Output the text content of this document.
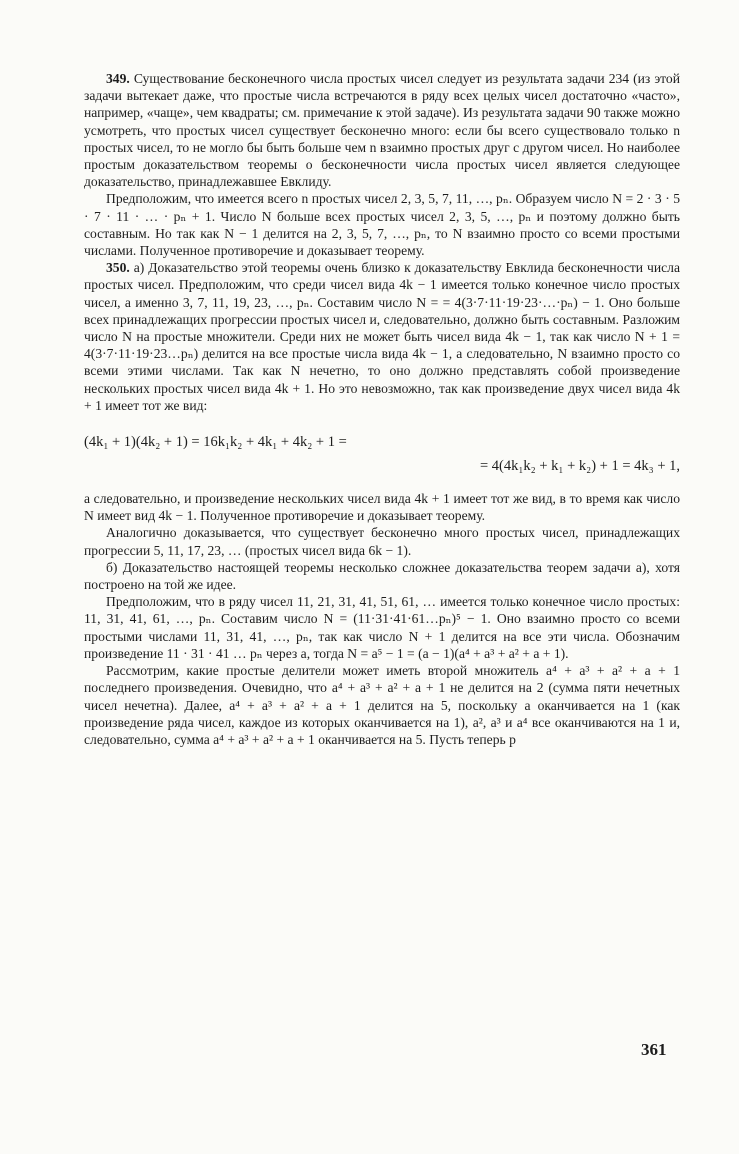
349. Существование бесконечного числа простых чисел следует из результата задачи 234 (из этой задачи вытекает даже, что простые числа встречаются в ряду всех целых чисел достаточно «часто», например, «чаще», чем квадраты; см. примечание к этой задаче). Из результата задачи 90 также можно усмотреть, что простых чисел существует бесконечно много: если бы всего существовало только n простых чисел, то не могло бы быть больше чем n взаимно простых друг с другом чисел. Но наиболее простым доказательством теоремы о бесконечности числа простых чисел является следующее доказательство, принадлежавшее Евклиду.

Предположим, что имеется всего n простых чисел 2, 3, 5, 7, 11, …, pₙ. Образуем число N = 2 · 3 · 5 · 7 · 11 · … · pₙ + 1. Число N больше всех простых чисел 2, 3, 5, …, pₙ и поэтому должно быть составным. Но так как N − 1 делится на 2, 3, 5, 7, …, pₙ, то N взаимно просто со всеми простыми числами. Полученное противоречие и доказывает теорему.

350. а) Доказательство этой теоремы очень близко к доказательству Евклида бесконечности числа простых чисел. Предположим, что среди чисел вида 4k − 1 имеется только конечное число простых чисел, а именно 3, 7, 11, 19, 23, …, pₙ. Составим число N = = 4(3·7·11·19·23·…·pₙ) − 1. Оно больше всех принадлежащих прогрессии простых чисел и, следовательно, должно быть составным. Разложим число N на простые множители. Среди них не может быть чисел вида 4k − 1, так как число N + 1 = 4(3·7·11·19·23…pₙ) делится на все простые числа вида 4k − 1, а следовательно, N взаимно просто со всеми этими числами. Так как N нечетно, то оно должно представлять собой произведение нескольких простых чисел вида 4k + 1. Но это невозможно, так как произведение двух чисел вида 4k + 1 имеет тот же вид:

(4k₁ + 1)(4k₂ + 1) = 16k₁k₂ + 4k₁ + 4k₂ + 1 =

= 4(4k₁k₂ + k₁ + k₂) + 1 = 4k₃ + 1,

а следовательно, и произведение нескольких чисел вида 4k + 1 имеет тот же вид, в то время как число N имеет вид 4k − 1. Полученное противоречие и доказывает теорему.

Аналогично доказывается, что существует бесконечно много простых чисел, принадлежащих прогрессии 5, 11, 17, 23, … (простых чисел вида 6k − 1).

б) Доказательство настоящей теоремы несколько сложнее доказательства теорем задачи а), хотя построено на той же идее.

Предположим, что в ряду чисел 11, 21, 31, 41, 51, 61, … имеется только конечное число простых: 11, 31, 41, 61, …, pₙ. Составим число N = (11·31·41·61…pₙ)⁵ − 1. Оно взаимно просто со всеми простыми числами 11, 31, 41, …, pₙ, так как число N + 1 делится на все эти числа. Обозначим произведение 11 · 31 · 41 … pₙ через a, тогда N = a⁵ − 1 = (a − 1)(a⁴ + a³ + a² + a + 1).

Рассмотрим, какие простые делители может иметь второй множитель a⁴ + a³ + a² + a + 1 последнего произведения. Очевидно, что a⁴ + a³ + a² + a + 1 не делится на 2 (сумма пяти нечетных чисел нечетна). Далее, a⁴ + a³ + a² + a + 1 делится на 5, поскольку a оканчивается на 1 (как произведение ряда чисел, каждое из которых оканчивается на 1), a², a³ и a⁴ все оканчиваются на 1 и, следовательно, сумма a⁴ + a³ + a² + a + 1 оканчивается на 5. Пусть теперь p

361
